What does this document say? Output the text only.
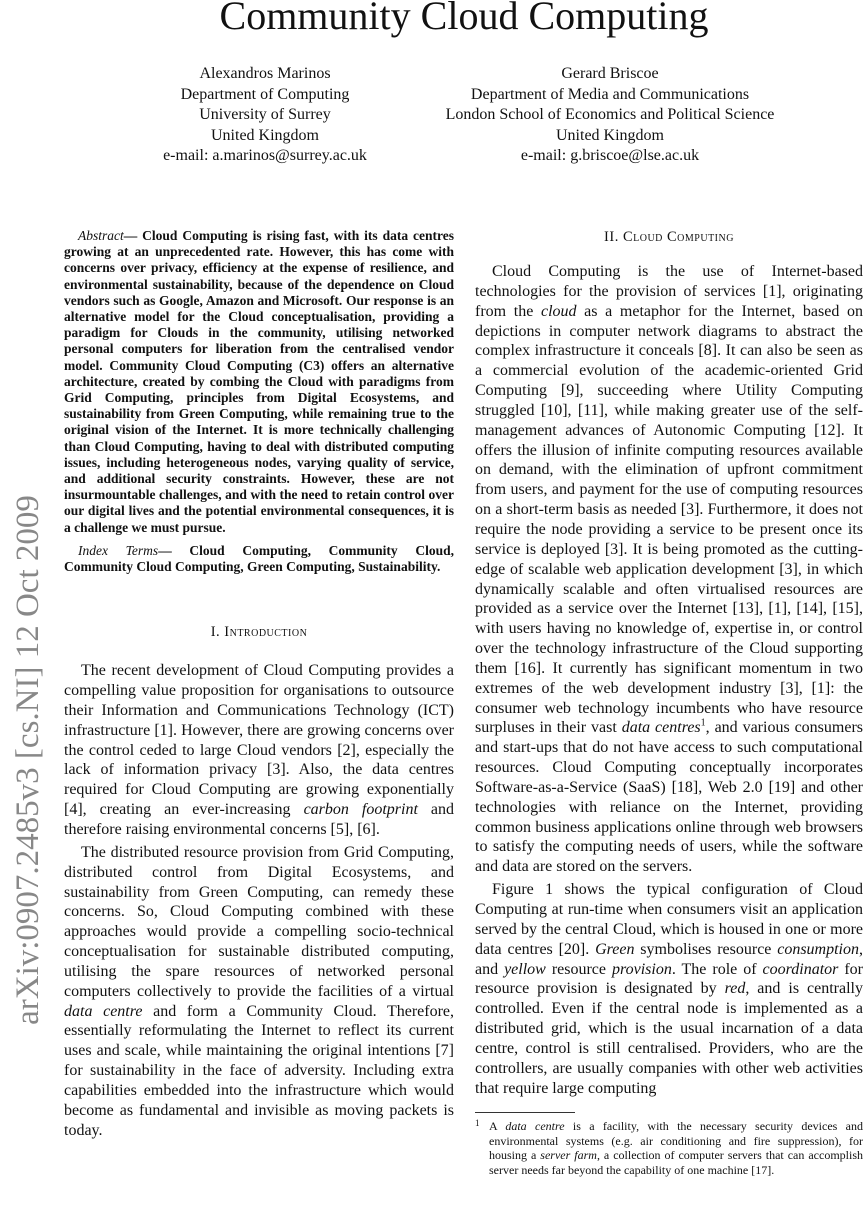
Community Cloud Computing
Alexandros Marinos
Department of Computing
University of Surrey
United Kingdom
e-mail: a.marinos@surrey.ac.uk
Gerard Briscoe
Department of Media and Communications
London School of Economics and Political Science
United Kingdom
e-mail: g.briscoe@lse.ac.uk
arXiv:0907.2485v3 [cs.NI] 12 Oct 2009

Abstract— Cloud Computing is rising fast, with its data centres growing at an unprecedented rate. However, this has come with concerns over privacy, efficiency at the expense of resilience, and environmental sustainability, because of the dependence on Cloud vendors such as Google, Amazon and Microsoft. Our response is an alternative model for the Cloud conceptualisation, providing a paradigm for Clouds in the community, utilising networked personal computers for liberation from the centralised vendor model. Community Cloud Computing (C3) offers an alternative architecture, created by combing the Cloud with paradigms from Grid Computing, principles from Digital Ecosystems, and sustainability from Green Computing, while remaining true to the original vision of the Internet. It is more technically challenging than Cloud Computing, having to deal with distributed computing issues, including heterogeneous nodes, varying quality of service, and additional security constraints. However, these are not insurmountable challenges, and with the need to retain control over our digital lives and the potential environmental consequences, it is a challenge we must pursue.

Index Terms— Cloud Computing, Community Cloud, Community Cloud Computing, Green Computing, Sustainability.

I. Introduction

The recent development of Cloud Computing provides a compelling value proposition for organisations to outsource their Information and Communications Technology (ICT) infrastructure [1]. However, there are growing concerns over the control ceded to large Cloud vendors [2], especially the lack of information privacy [3]. Also, the data centres required for Cloud Computing are growing exponentially [4], creating an ever-increasing carbon footprint and therefore raising environmental concerns [5], [6].

The distributed resource provision from Grid Computing, distributed control from Digital Ecosystems, and sustainability from Green Computing, can remedy these concerns. So, Cloud Computing combined with these approaches would provide a compelling socio-technical conceptualisation for sustainable distributed computing, utilising the spare resources of networked personal computers collectively to provide the facilities of a virtual data centre and form a Community Cloud. Therefore, essentially reformulating the Internet to reflect its current uses and scale, while maintaining the original intentions [7] for sustainability in the face of adversity. Including extra capabilities embedded into the infrastructure which would become as fundamental and invisible as moving packets is today.

II. Cloud Computing

Cloud Computing is the use of Internet-based technologies for the provision of services [1], originating from the cloud as a metaphor for the Internet, based on depictions in computer network diagrams to abstract the complex infrastructure it conceals [8]. It can also be seen as a commercial evolution of the academic-oriented Grid Computing [9], succeeding where Utility Computing struggled [10], [11], while making greater use of the self-management advances of Autonomic Computing [12]. It offers the illusion of infinite computing resources available on demand, with the elimination of upfront commitment from users, and payment for the use of computing resources on a short-term basis as needed [3]. Furthermore, it does not require the node providing a service to be present once its service is deployed [3]. It is being promoted as the cutting-edge of scalable web application development [3], in which dynamically scalable and often virtualised resources are provided as a service over the Internet [13], [1], [14], [15], with users having no knowledge of, expertise in, or control over the technology infrastructure of the Cloud supporting them [16]. It currently has significant momentum in two extremes of the web development industry [3], [1]: the consumer web technology incumbents who have resource surpluses in their vast data centres$^1$, and various consumers and start-ups that do not have access to such computational resources. Cloud Computing conceptually incorporates Software-as-a-Service (SaaS) [18], Web 2.0 [19] and other technologies with reliance on the Internet, providing common business applications online through web browsers to satisfy the computing needs of users, while the software and data are stored on the servers.

Figure 1 shows the typical configuration of Cloud Computing at run-time when consumers visit an application served by the central Cloud, which is housed in one or more data centres [20]. Green symbolises resource consumption, and yellow resource provision. The role of coordinator for resource provision is designated by red, and is centrally controlled. Even if the central node is implemented as a distributed grid, which is the usual incarnation of a data centre, control is still centralised. Providers, who are the controllers, are usually companies with other web activities that require large computing

1 A data centre is a facility, with the necessary security devices and environmental systems (e.g. air conditioning and fire suppression), for housing a server farm, a collection of computer servers that can accomplish server needs far beyond the capability of one machine [17].
